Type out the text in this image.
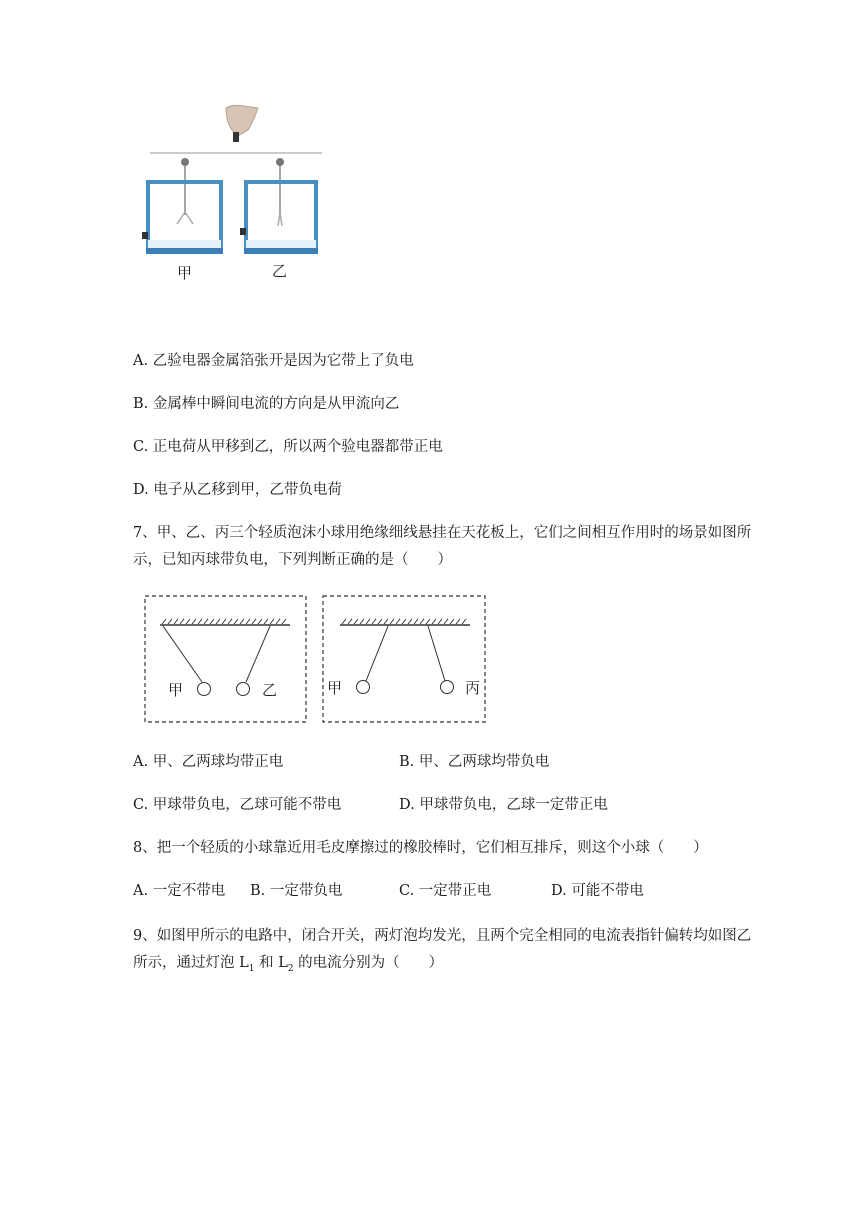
甲	乙
A. 乙验电器金属箔张开是因为它带上了负电
B. 金属棒中瞬间电流的方向是从甲流向乙
C. 正电荷从甲移到乙，所以两个验电器都带正电
D. 电子从乙移到甲，乙带负电荷
7、甲、乙、丙三个轻质泡沫小球用绝缘细线悬挂在天花板上，它们之间相互作用时的场景如图所
示，已知丙球带负电，下列判断正确的是（　　）
甲	乙	甲	丙
A. 甲、乙两球均带正电	B. 甲、乙两球均带负电
C. 甲球带负电，乙球可能不带电	D. 甲球带负电，乙球一定带正电
8、把一个轻质的小球靠近用毛皮摩擦过的橡胶棒时，它们相互排斥，则这个小球（　　）
A. 一定不带电 B. 一定带负电	C. 一定带正电	D. 可能不带电
9、如图甲所示的电路中，闭合开关，两灯泡均发光，且两个完全相同的电流表指针偏转均如图乙
所示，通过灯泡 $L_1$ 和 $L_2$ 的电流分别为（　　）
